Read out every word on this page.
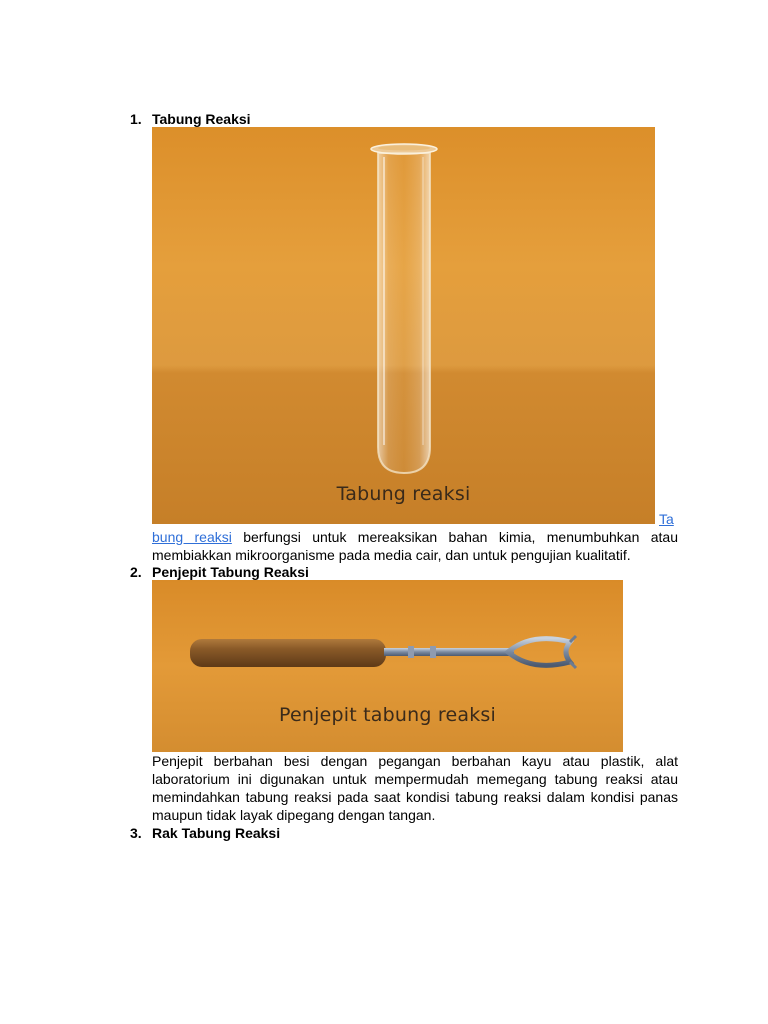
1. Tabung Reaksi
Tabung reaksi
Ta
bung reaksi berfungsi untuk mereaksikan bahan kimia, menumbuhkan atau membiakkan mikroorganisme pada media cair, dan untuk pengujian kualitatif.
2. Penjepit Tabung Reaksi
Penjepit tabung reaksi
Penjepit berbahan besi dengan pegangan berbahan kayu atau plastik, alat laboratorium ini digunakan untuk mempermudah memegang tabung reaksi atau memindahkan tabung reaksi pada saat kondisi tabung reaksi dalam kondisi panas maupun tidak layak dipegang dengan tangan.
3. Rak Tabung Reaksi
